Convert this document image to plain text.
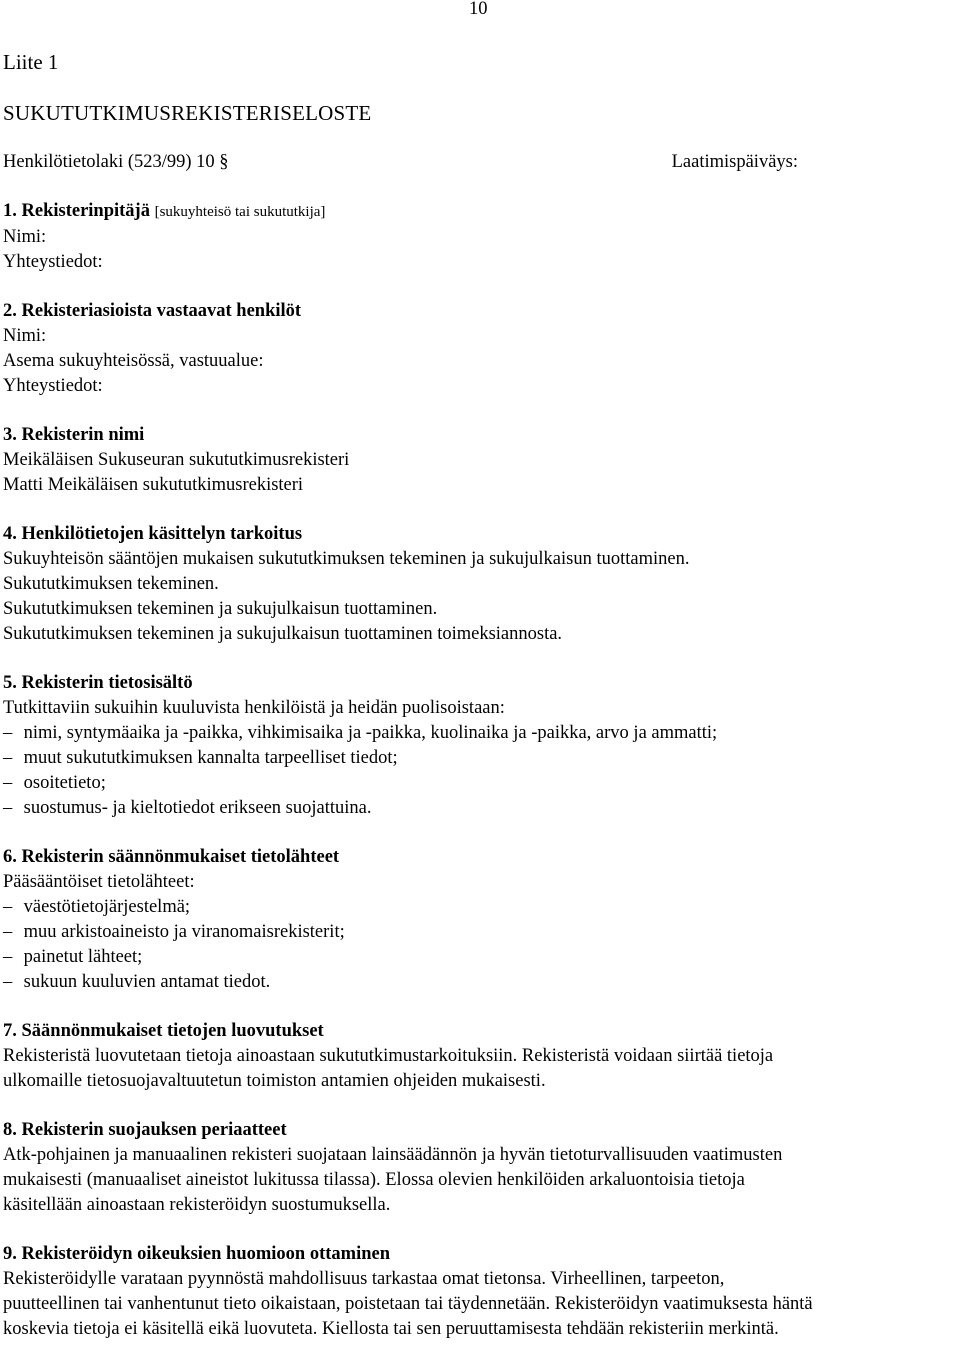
10
Liite 1
SUKUTUTKIMUSREKISTERISELOSTE
Henkilötietolaki (523/99) 10 §	Laatimispäiväys:
1. Rekisterinpitäjä [sukuyhteisö tai sukututkija]
Nimi:
Yhteystiedot:
2. Rekisteriasioista vastaavat henkilöt
Nimi:
Asema sukuyhteisössä, vastuualue:
Yhteystiedot:
3. Rekisterin nimi
Meikäläisen Sukuseuran sukututkimusrekisteri
Matti Meikäläisen sukututkimusrekisteri
4. Henkilötietojen käsittelyn tarkoitus
Sukuyhteisön sääntöjen mukaisen sukututkimuksen tekeminen ja sukujulkaisun tuottaminen.
Sukututkimuksen tekeminen.
Sukututkimuksen tekeminen ja sukujulkaisun tuottaminen.
Sukututkimuksen tekeminen ja sukujulkaisun tuottaminen toimeksiannosta.
5. Rekisterin tietosisältö
Tutkittaviin sukuihin kuuluvista henkilöistä ja heidän puolisoistaan:
– nimi, syntymäaika ja -paikka, vihkimisaika ja -paikka, kuolinaika ja -paikka, arvo ja ammatti;
– muut sukututkimuksen kannalta tarpeelliset tiedot;
– osoitetieto;
– suostumus- ja kieltotiedot erikseen suojattuina.
6. Rekisterin säännönmukaiset tietolähteet
Pääsääntöiset tietolähteet:
– väestötietojärjestelmä;
– muu arkistoaineisto ja viranomaisrekisterit;
– painetut lähteet;
– sukuun kuuluvien antamat tiedot.
7. Säännönmukaiset tietojen luovutukset
Rekisteristä luovutetaan tietoja ainoastaan sukututkimustarkoituksiin. Rekisteristä voidaan siirtää tietoja
ulkomaille tietosuojavaltuutetun toimiston antamien ohjeiden mukaisesti.
8. Rekisterin suojauksen periaatteet
Atk-pohjainen ja manuaalinen rekisteri suojataan lainsäädännön ja hyvän tietoturvallisuuden vaatimusten
mukaisesti (manuaaliset aineistot lukitussa tilassa). Elossa olevien henkilöiden arkaluontoisia tietoja
käsitellään ainoastaan rekisteröidyn suostumuksella.
9. Rekisteröidyn oikeuksien huomioon ottaminen
Rekisteröidylle varataan pyynnöstä mahdollisuus tarkastaa omat tietonsa. Virheellinen, tarpeeton,
puutteellinen tai vanhentunut tieto oikaistaan, poistetaan tai täydennetään. Rekisteröidyn vaatimuksesta häntä
koskevia tietoja ei käsitellä eikä luovuteta. Kiellosta tai sen peruuttamisesta tehdään rekisteriin merkintä.
